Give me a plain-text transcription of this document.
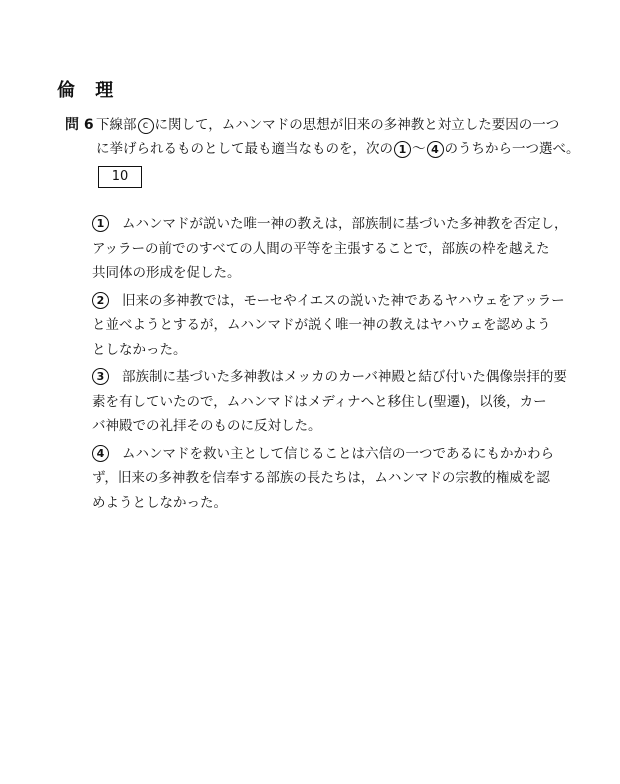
倫 理
問 6 下線部 c に関して，ムハンマドの思想が旧来の多神教と対立した要因の一つ
に挙げられるものとして最も適当なものを，次の 1 〜 4 のうちから一つ選べ。
10
1	ムハンマドが説いた唯一神の教えは，部族制に基づいた多神教を否定し，
アッラーの前でのすべての人間の平等を主張することで，部族の枠を越えた
共同体の形成を促した。

2	旧来の多神教では，モーセやイエスの説いた神であるヤハウェをアッラー
と並べようとするが，ムハンマドが説く唯一神の教えはヤハウェを認めよう
としなかった。

3	部族制に基づいた多神教はメッカのカーバ神殿と結び付いた偶像崇拝的要
素を有していたので，ムハンマドはメディナへと移住し(聖遷)，以後，カー
バ神殿での礼拝そのものに反対した。

4	ムハンマドを救い主として信じることは六信の一つであるにもかかわら
ず，旧来の多神教を信奉する部族の長たちは，ムハンマドの宗教的権威を認
めようとしなかった。
